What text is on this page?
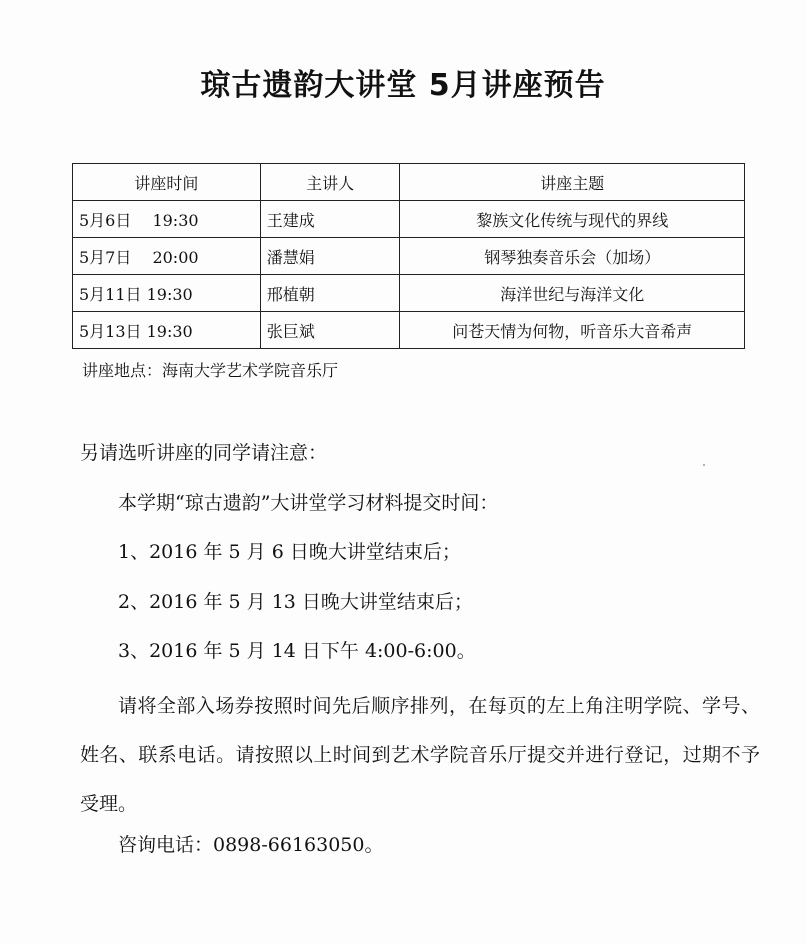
琼古遗韵大讲堂 5月讲座预告
讲座时间	主讲人	讲座主题
5月6日　 19:30	王建成	黎族文化传统与现代的界线
5月7日　 20:00	潘慧娟	钢琴独奏音乐会（加场）
5月11日 19:30	邢植朝	海洋世纪与海洋文化
5月13日 19:30	张巨斌	问苍天情为何物，听音乐大音希声
讲座地点：海南大学艺术学院音乐厅
另请选听讲座的同学请注意：
本学期“琼古遗韵”大讲堂学习材料提交时间：
1、2016 年 5 月 6 日晚大讲堂结束后；
2、2016 年 5 月 13 日晚大讲堂结束后；
3、2016 年 5 月 14 日下午 4:00-6:00。
请将全部入场券按照时间先后顺序排列，在每页的左上角注明学院、学号、姓名、联系电话。请按照以上时间到艺术学院音乐厅提交并进行登记，过期不予受理。
咨询电话：0898-66163050。
